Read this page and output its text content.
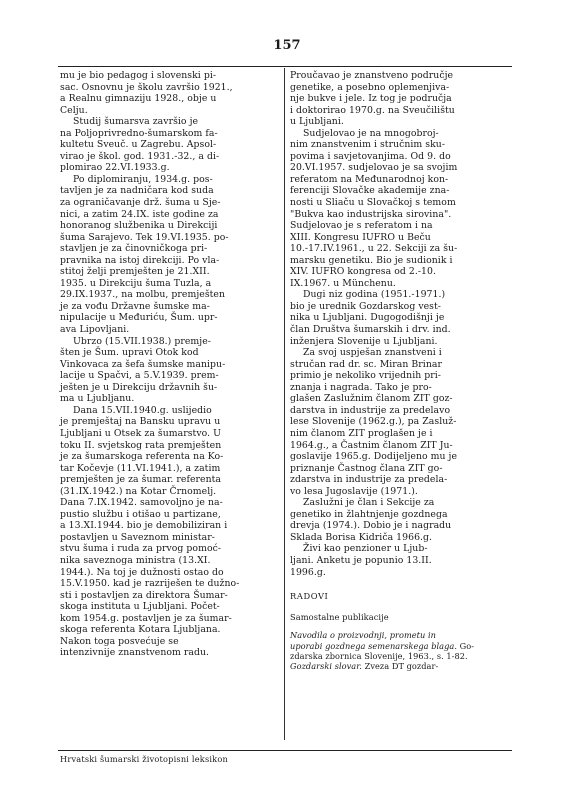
157

mu je bio pedagog i slovenski pi-
sac. Osnovnu je školu završio 1921.,
a Realnu gimnaziju 1928., obje u
Celju.

Studij šumarsva završio je
na Poljoprivredno-šumarskom fa-
kultetu Sveuč. u Zagrebu. Apsol-
virao je škol. god. 1931.-32., a di-
plomirao 22.VI.1933.g.

Po diplomiranju, 1934.g. pos-
tavljen je za nadničara kod suda
za ograničavanje drž. šuma u Sje-
nici, a zatim 24.IX. iste godine za
honoranog službenika u Direkciji
šuma Sarajevo. Tek 19.VI.1935. po-
stavljen je za činovničkoga pri-
pravnika na istoj direkciji. Po vla-
stitoj želji premješten je 21.XII.
1935. u Direkciju šuma Tuzla, a
29.IX.1937., na molbu, premješten
je za vođu Državne šumske ma-
nipulacije u Međuriću, Šum. upr-
ava Lipovljani.

Ubrzo (15.VII.1938.) premje-
šten je Šum. upravi Otok kod
Vinkovaca za šefa šumske manipu-
lacije u Spačvi, a 5.V.1939. prem-
ješten je u Direkciju državnih šu-
ma u Ljubljanu.

Dana 15.VII.1940.g. uslijedio
je premještaj na Bansku upravu u
Ljubljani u Otsek za šumarstvo. U
toku II. svjetskog rata premješten
je za šumarskoga referenta na Ko-
tar Kočevje (11.VI.1941.), a zatim
premješten je za šumar. referenta
(31.IX.1942.) na Kotar Črnomelj.
Dana 7.IX.1942. samovoljno je na-
pustio službu i otišao u partizane,
a 13.XI.1944. bio je demobiliziran i
postavljen u Saveznom ministar-
stvu šuma i ruda za prvog pomoć-
nika saveznoga ministra (13.XI.
1944.). Na toj je dužnosti ostao do
15.V.1950. kad je razriješen te dužno-
sti i postavljen za direktora Šumar-
skoga instituta u Ljubljani. Počet-
kom 1954.g. postavljen je za šumar-
skoga referenta Kotara Ljubljana.
Nakon toga posvećuje se
intenzivnije znanstvenom radu.

Proučavao je znanstveno područje
genetike, a posebno oplemenjiva-
nje bukve i jele. Iz tog je područja
i doktorirao 1970.g. na Sveučilištu
u Ljubljani.

Sudjelovao je na mnogobroj-
nim znanstvenim i stručnim sku-
povima i savjetovanjima. Od 9. do
20.VI.1957. sudjelovao je sa svojim
referatom na Međunarodnoj kon-
ferenciji Slovačke akademije zna-
nosti u Sliaču u Slovačkoj s temom
"Bukva kao industrijska sirovina".
Sudjelovao je s referatom i na
XIII. Kongresu IUFRO u Beču
10.-17.IV.1961., u 22. Sekciji za šu-
marsku genetiku. Bio je sudionik i
XIV. IUFRO kongresa od 2.-10.
IX.1967. u Münchenu.

Dugi niz godina (1951.-1971.)
bio je urednik Gozdarskog vest-
nika u Ljubljani. Dugogodišnji je
član Društva šumarskih i drv. ind.
inženjera Slovenije u Ljubljani.

Za svoj uspješan znanstveni i
stručan rad dr. sc. Miran Brinar
primio je nekoliko vrijednih pri-
znanja i nagrada. Tako je pro-
glašen Zaslužnim članom ZIT goz-
darstva in industrije za predelavo
lese Slovenije (1962.g.), pa Zasluž-
nim članom ZIT proglašen je i
1964.g., a Častnim članom ZIT Ju-
goslavije 1965.g. Dodijeljeno mu je
priznanje Častnog člana ZIT go-
zdarstva in industrije za predela-
vo lesa Jugoslavije (1971.).

Zaslužni je član i Sekcije za
genetiko in žlahtnjenje gozdnega
drevja (1974.). Dobio je i nagradu
Sklada Borisa Kidriča 1966.g.

Živi kao penzioner u Ljub-
ljani. Anketu je popunio 13.II.
1996.g.

RADOVI
Samostalne publikacije

Navodila o proizvodnji, prometu in
uporabi gozdnega semenarskega blaga. Go-
zdarska zbornica Slovenije, 1963., s. 1-82.

Gozdarski slovar. Zveza DT gozdar-

Hrvatski šumarski životopisni leksikon
